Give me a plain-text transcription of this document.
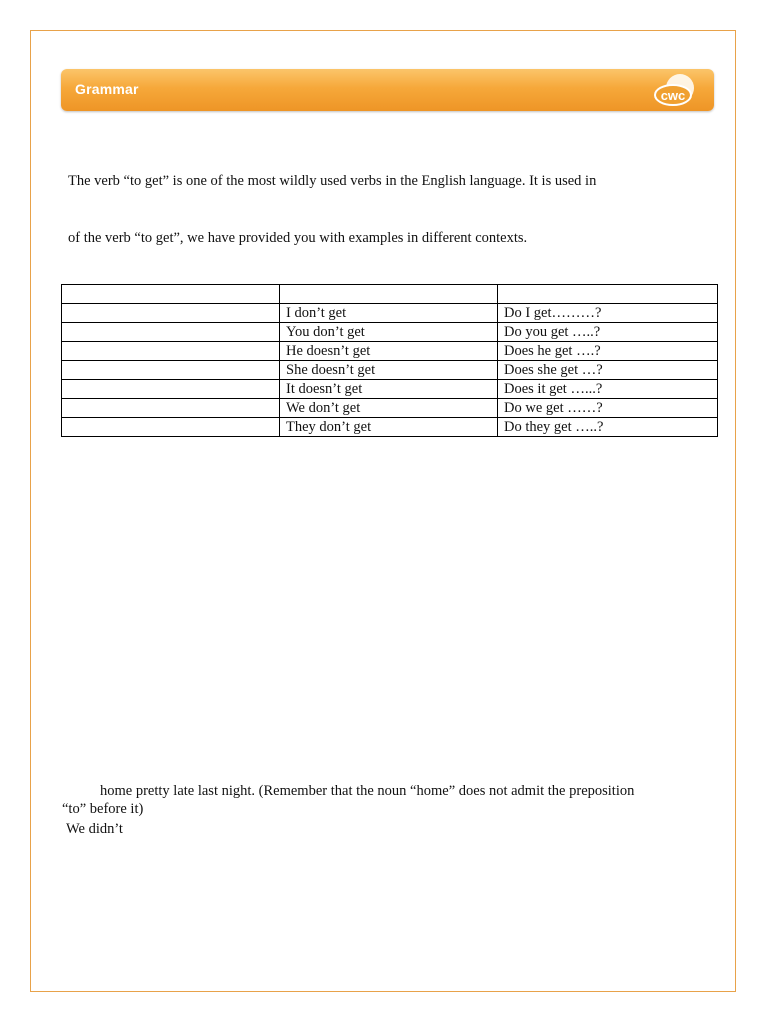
Grammar	cwc
The verb “to get” is one of the most wildly used verbs in the English language. It is used in
of the verb “to get”, we have provided you with examples in different contexts.

	I don’t get	Do I get………?
	You don’t get	Do you get …..?
	He doesn’t get	Does he get ….?
	She doesn’t get	Does she get …?
	It doesn’t get	Does it get …...?
	We don’t get	Do we get ……?
	They don’t get	Do they get …..?
home pretty late last night. (Remember that the noun “home” does not admit the preposition
“to” before it)
We didn’t
